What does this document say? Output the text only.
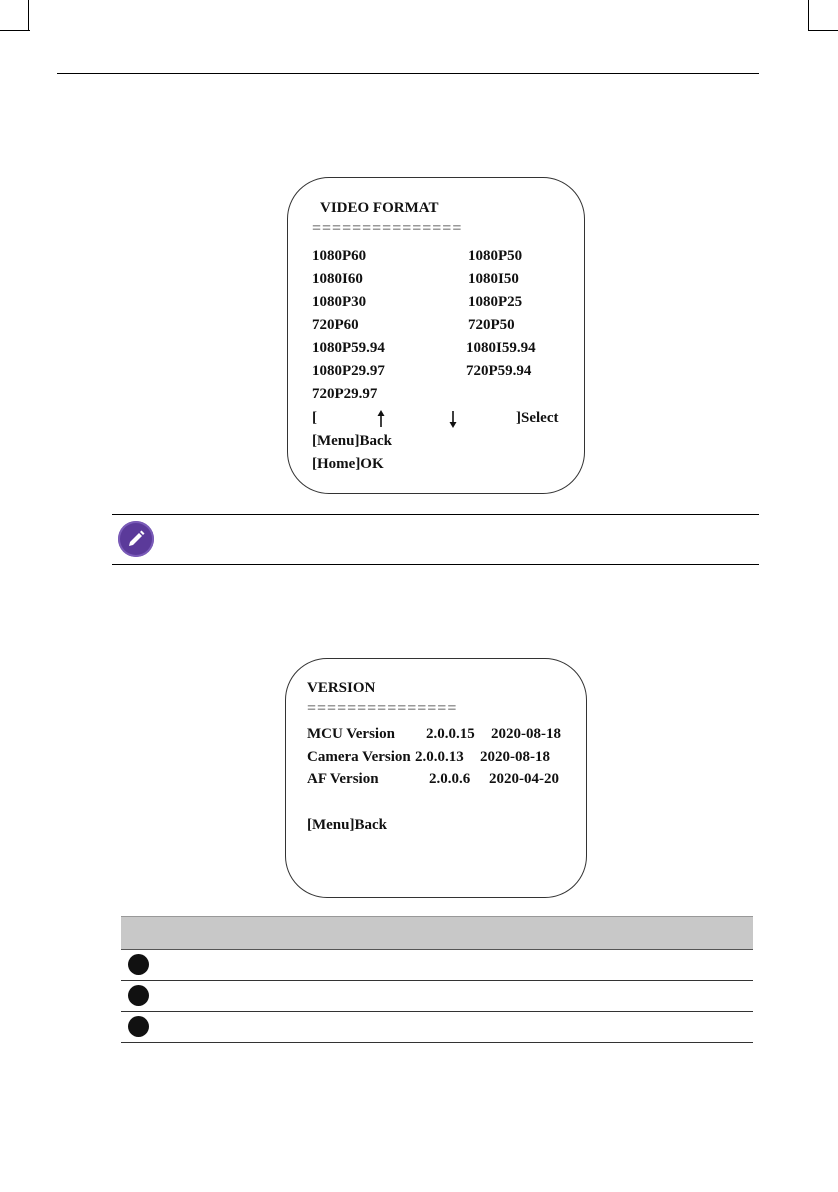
VIDEO FORMAT
===============
1080P60	1080P50
1080I60	1080I50
1080P30	1080P25
720P60	720P50
1080P59.94	1080I59.94
1080P29.97	720P59.94
720P29.97
[	]Select
[Menu]Back
[Home]OK
VERSION
===============
MCU Version 2.0.0.15 2020-08-18
Camera Version 2.0.0.13 2020-08-18
AF Version	2.0.0.6 2020-04-20
[Menu]Back
